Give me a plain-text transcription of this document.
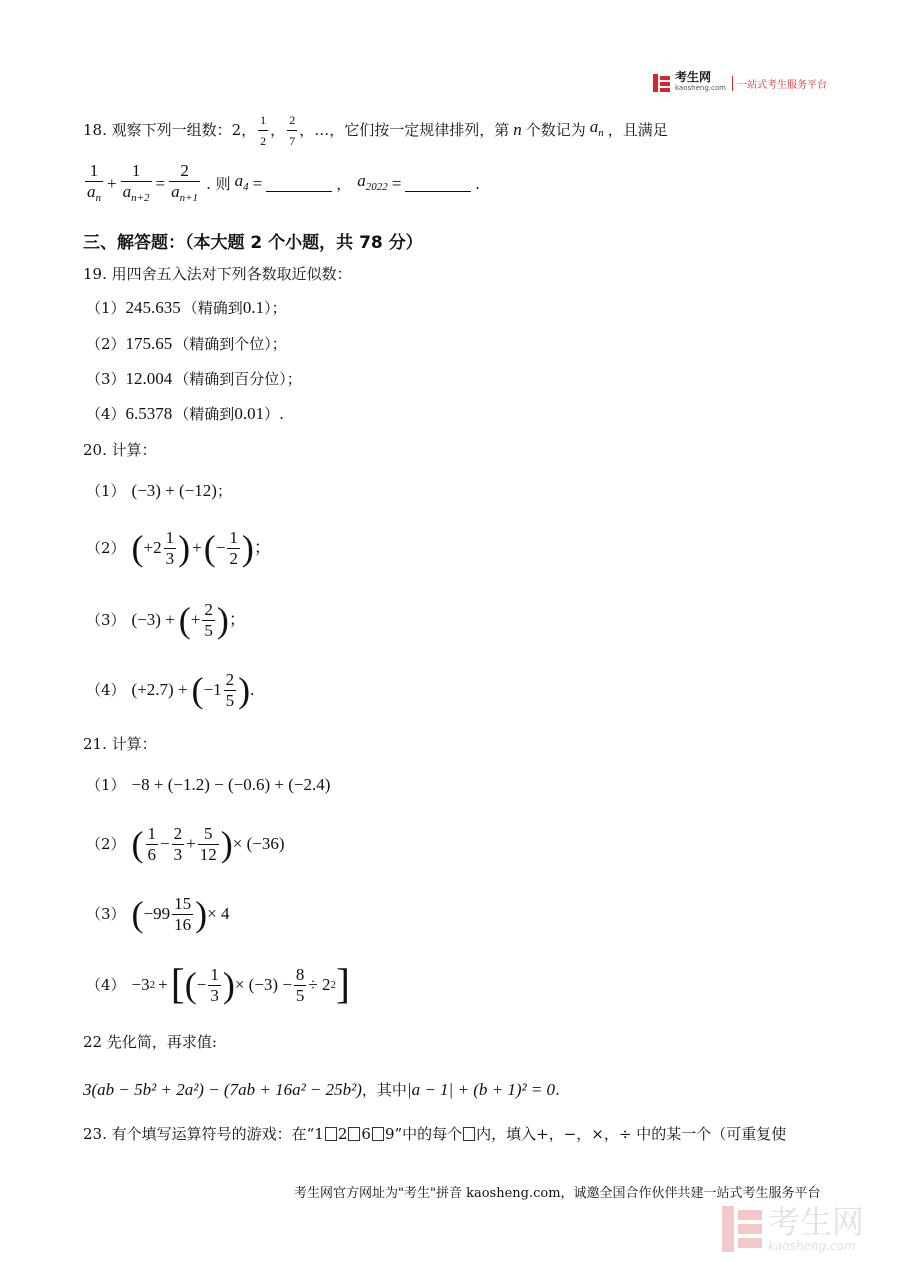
考生网
kaosheng.com	一站式考生服务平台
18. 观察下列一组数：2， $\frac{1}{2}$ ， $\frac{2}{7}$ ，…，它们按一定规律排列，第 n 个数记为 $a_n$ ，且满足
$\frac{1}{a_n} + \frac{1}{a_{n+2}} = \frac{2}{a_{n+1}}$ . 则 $a_4$ =	， $a_{2022}$ =	.
三、解答题：（本大题 2 个小题，共 78 分）
19. 用四舍五入法对下列各数取近似数：
（1） 245.635 （精确到 0.1 ）；
（2） 175.65 （精确到个位）；
（3） 12.004 （精确到百分位）；
（4） 6.5378 （精确到 0.01 ）.
20. 计算：
（1） (−3) + (−12) ；
（2） ( $+2 \frac{1}{3}$ ) + ( − $\frac{1}{2}$ ) ；
（3） (−3) + ( + $\frac{2}{5}$ ) ；
（4） (+2.7) + ( $-1 \frac{2}{5}$ ) .
21. 计算：
（1） −8 + (−1.2) − (−0.6) + (−2.4)
（2） ( $\frac{1}{6} - \frac{2}{3} + \frac{5}{12}$ ) × (−36)
（3） ( $-99 \frac{15}{16}$ ) × 4
（4） −3 2 + [ ( − $\frac{1}{3}$ ) × $(-3) - \frac{8}{5} \div 2$ 2 ]
22 先化简，再求值:
3(ab − 5b² + 2a²) − (7ab + 16a² − 25b²) ，其中 |a − 1| + (b + 1)² = 0 .
23. 有个填写运算符号的游戏：在“1 2 6 9 ”中的每个 内，填入+，−，×，÷ 中的某一个（可重复使
考生网官方网址为"考生"拼音 kaosheng.com，诚邀全国合作伙伴共建一站式考生服务平台
考生网
kaosheng.com
